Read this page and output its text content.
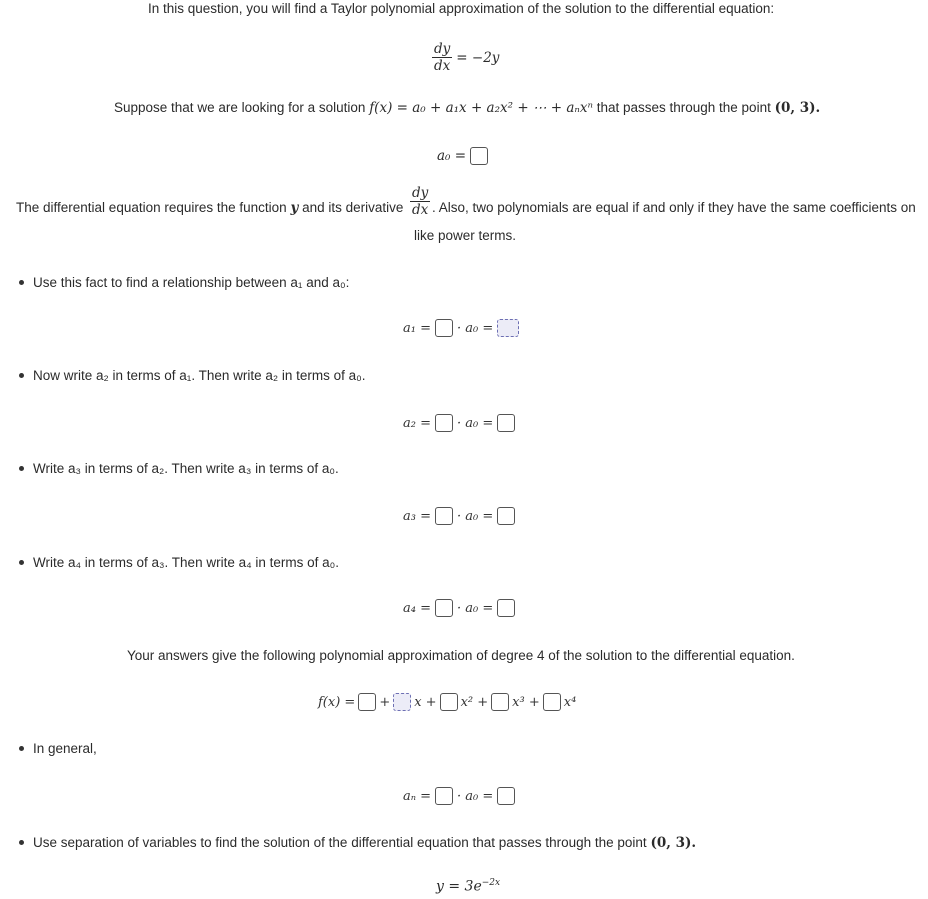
In this question, you will find a Taylor polynomial approximation of the solution to the differential equation:
$\frac{dy}{dx} = -2y$
Suppose that we are looking for a solution f(x) = a₀ + a₁x + a₂x² + ⋯ + aₙxⁿ that passes through the point (0, 3).
a₀ =
The differential equation requires the function y and its derivative $\frac{dy}{dx}$ . Also, two polynomials are equal if and only if they have the same coefficients on
like power terms.
Use this fact to find a relationship between a₁ and a₀:
a₁ = · a₀ =
Now write a₂ in terms of a₁. Then write a₂ in terms of a₀.
a₂ = · a₀ =
Write a₃ in terms of a₂. Then write a₃ in terms of a₀.
a₃ = · a₀ =
Write a₄ in terms of a₃. Then write a₄ in terms of a₀.
a₄ = · a₀ =
Your answers give the following polynomial approximation of degree 4 of the solution to the differential equation.
f(x) = + x + x² + x³ + x⁴
In general,
aₙ = · a₀ =
Use separation of variables to find the solution of the differential equation that passes through the point (0, 3).
$y = 3e^{-2x}$
